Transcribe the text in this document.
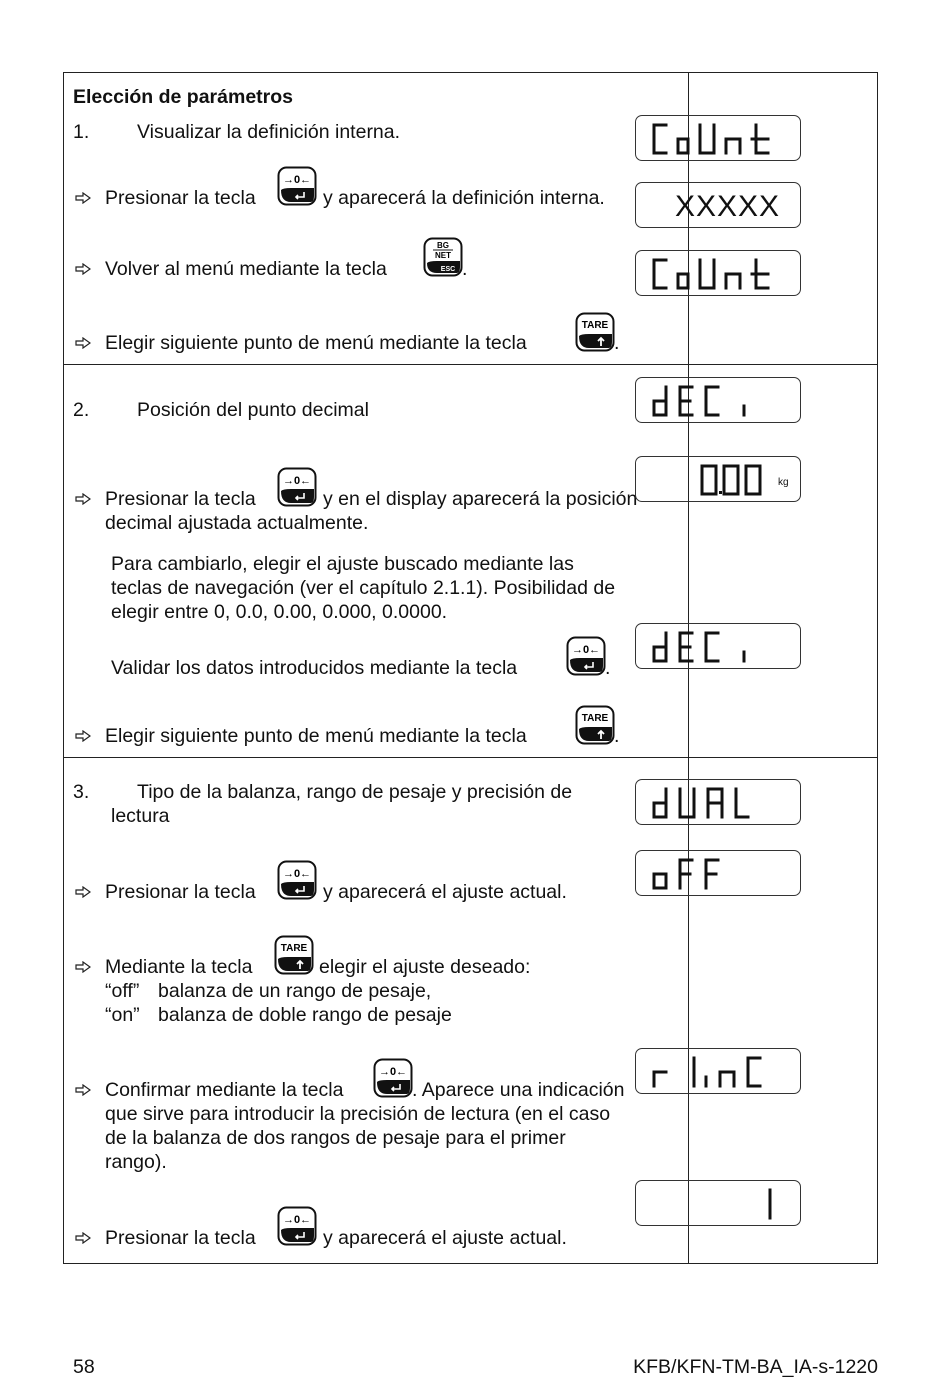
Elección de parámetros
1. Visualizar la definición interna.
Presionar la tecla	y aparecerá la definición interna.
Volver al menú mediante la tecla	.
Elegir siguiente punto de menú mediante la tecla	.
XXXXX
2. Posición del punto decimal
Presionar la tecla	y en el display aparecerá la posición
decimal ajustada actualmente.
Para cambiarlo, elegir el ajuste buscado mediante las
teclas de navegación (ver el capítulo 2.1.1). Posibilidad de
elegir entre 0, 0.0, 0.00, 0.000, 0.0000.
Validar los datos introducidos mediante la tecla	.
Elegir siguiente punto de menú mediante la tecla	.
kg
3. Tipo de la balanza, rango de pesaje y precisión de
lectura
Presionar la tecla	y aparecerá el ajuste actual.
Mediante la tecla	elegir el ajuste deseado:
“off” balanza de un rango de pesaje,
“on” balanza de doble rango de pesaje
Confirmar mediante la tecla	. Aparece una indicación
que sirve para introducir la precisión de lectura (en el caso
de la balanza de dos rangos de pesaje para el primer
rango).
Presionar la tecla	y aparecerá el ajuste actual.
58	KFB/KFN-TM-BA_IA-s-1220
